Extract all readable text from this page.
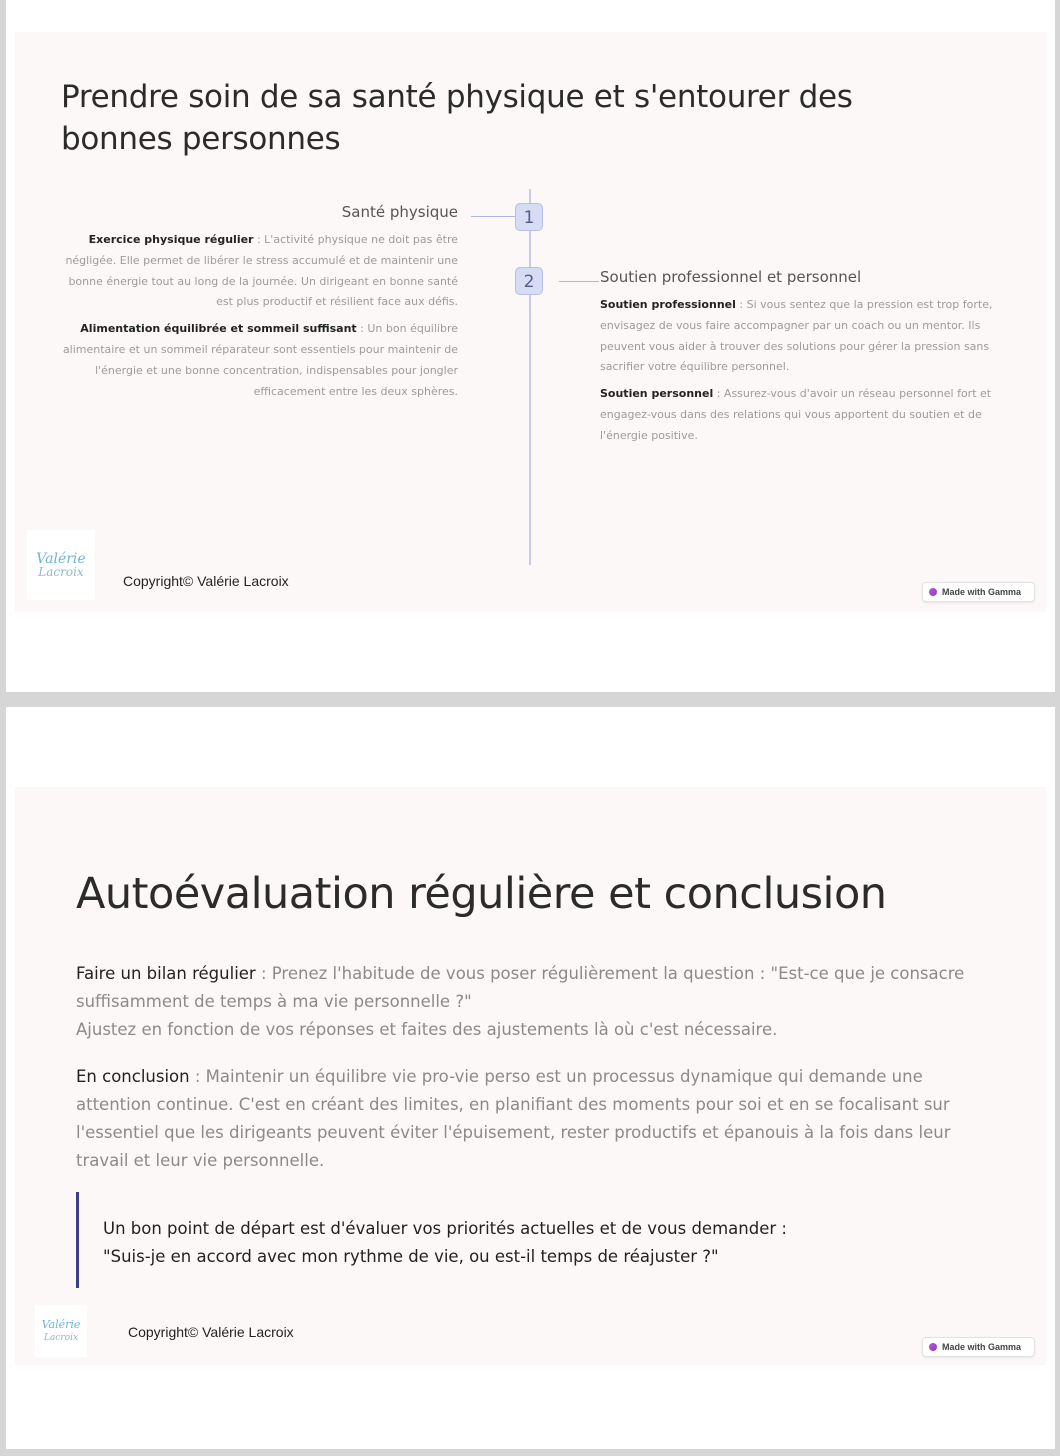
Prendre soin de sa santé physique et s'entourer des bonnes personnes
1
2
Santé physique

Exercice physique régulier : L'activité physique ne doit pas être négligée. Elle permet de libérer le stress accumulé et de maintenir une bonne énergie tout au long de la journée. Un dirigeant en bonne santé est plus productif et résilient face aux défis.

Alimentation équilibrée et sommeil suffisant : Un bon équilibre alimentaire et un sommeil réparateur sont essentiels pour maintenir de l'énergie et une bonne concentration, indispensables pour jongler efficacement entre les deux sphères.

Soutien professionnel et personnel

Soutien professionnel : Si vous sentez que la pression est trop forte, envisagez de vous faire accompagner par un coach ou un mentor. Ils peuvent vous aider à trouver des solutions pour gérer la pression sans sacrifier votre équilibre personnel.

Soutien personnel : Assurez-vous d'avoir un réseau personnel fort et engagez-vous dans des relations qui vous apportent du soutien et de l'énergie positive.

Valérie
Lacroix
Copyright© Valérie Lacroix
Made with Gamma
Autoévaluation régulière et conclusion

Faire un bilan régulier : Prenez l'habitude de vous poser régulièrement la question : "Est-ce que je consacre suffisamment de temps à ma vie personnelle ?"
Ajustez en fonction de vos réponses et faites des ajustements là où c'est nécessaire.

En conclusion : Maintenir un équilibre vie pro-vie perso est un processus dynamique qui demande une attention continue. C'est en créant des limites, en planifiant des moments pour soi et en se focalisant sur l'essentiel que les dirigeants peuvent éviter l'épuisement, rester productifs et épanouis à la fois dans leur travail et leur vie personnelle.

Un bon point de départ est d'évaluer vos priorités actuelles et de vous demander :
"Suis-je en accord avec mon rythme de vie, ou est-il temps de réajuster ?"

Valérie
Lacroix	Copyright© Valérie Lacroix
Made with Gamma
